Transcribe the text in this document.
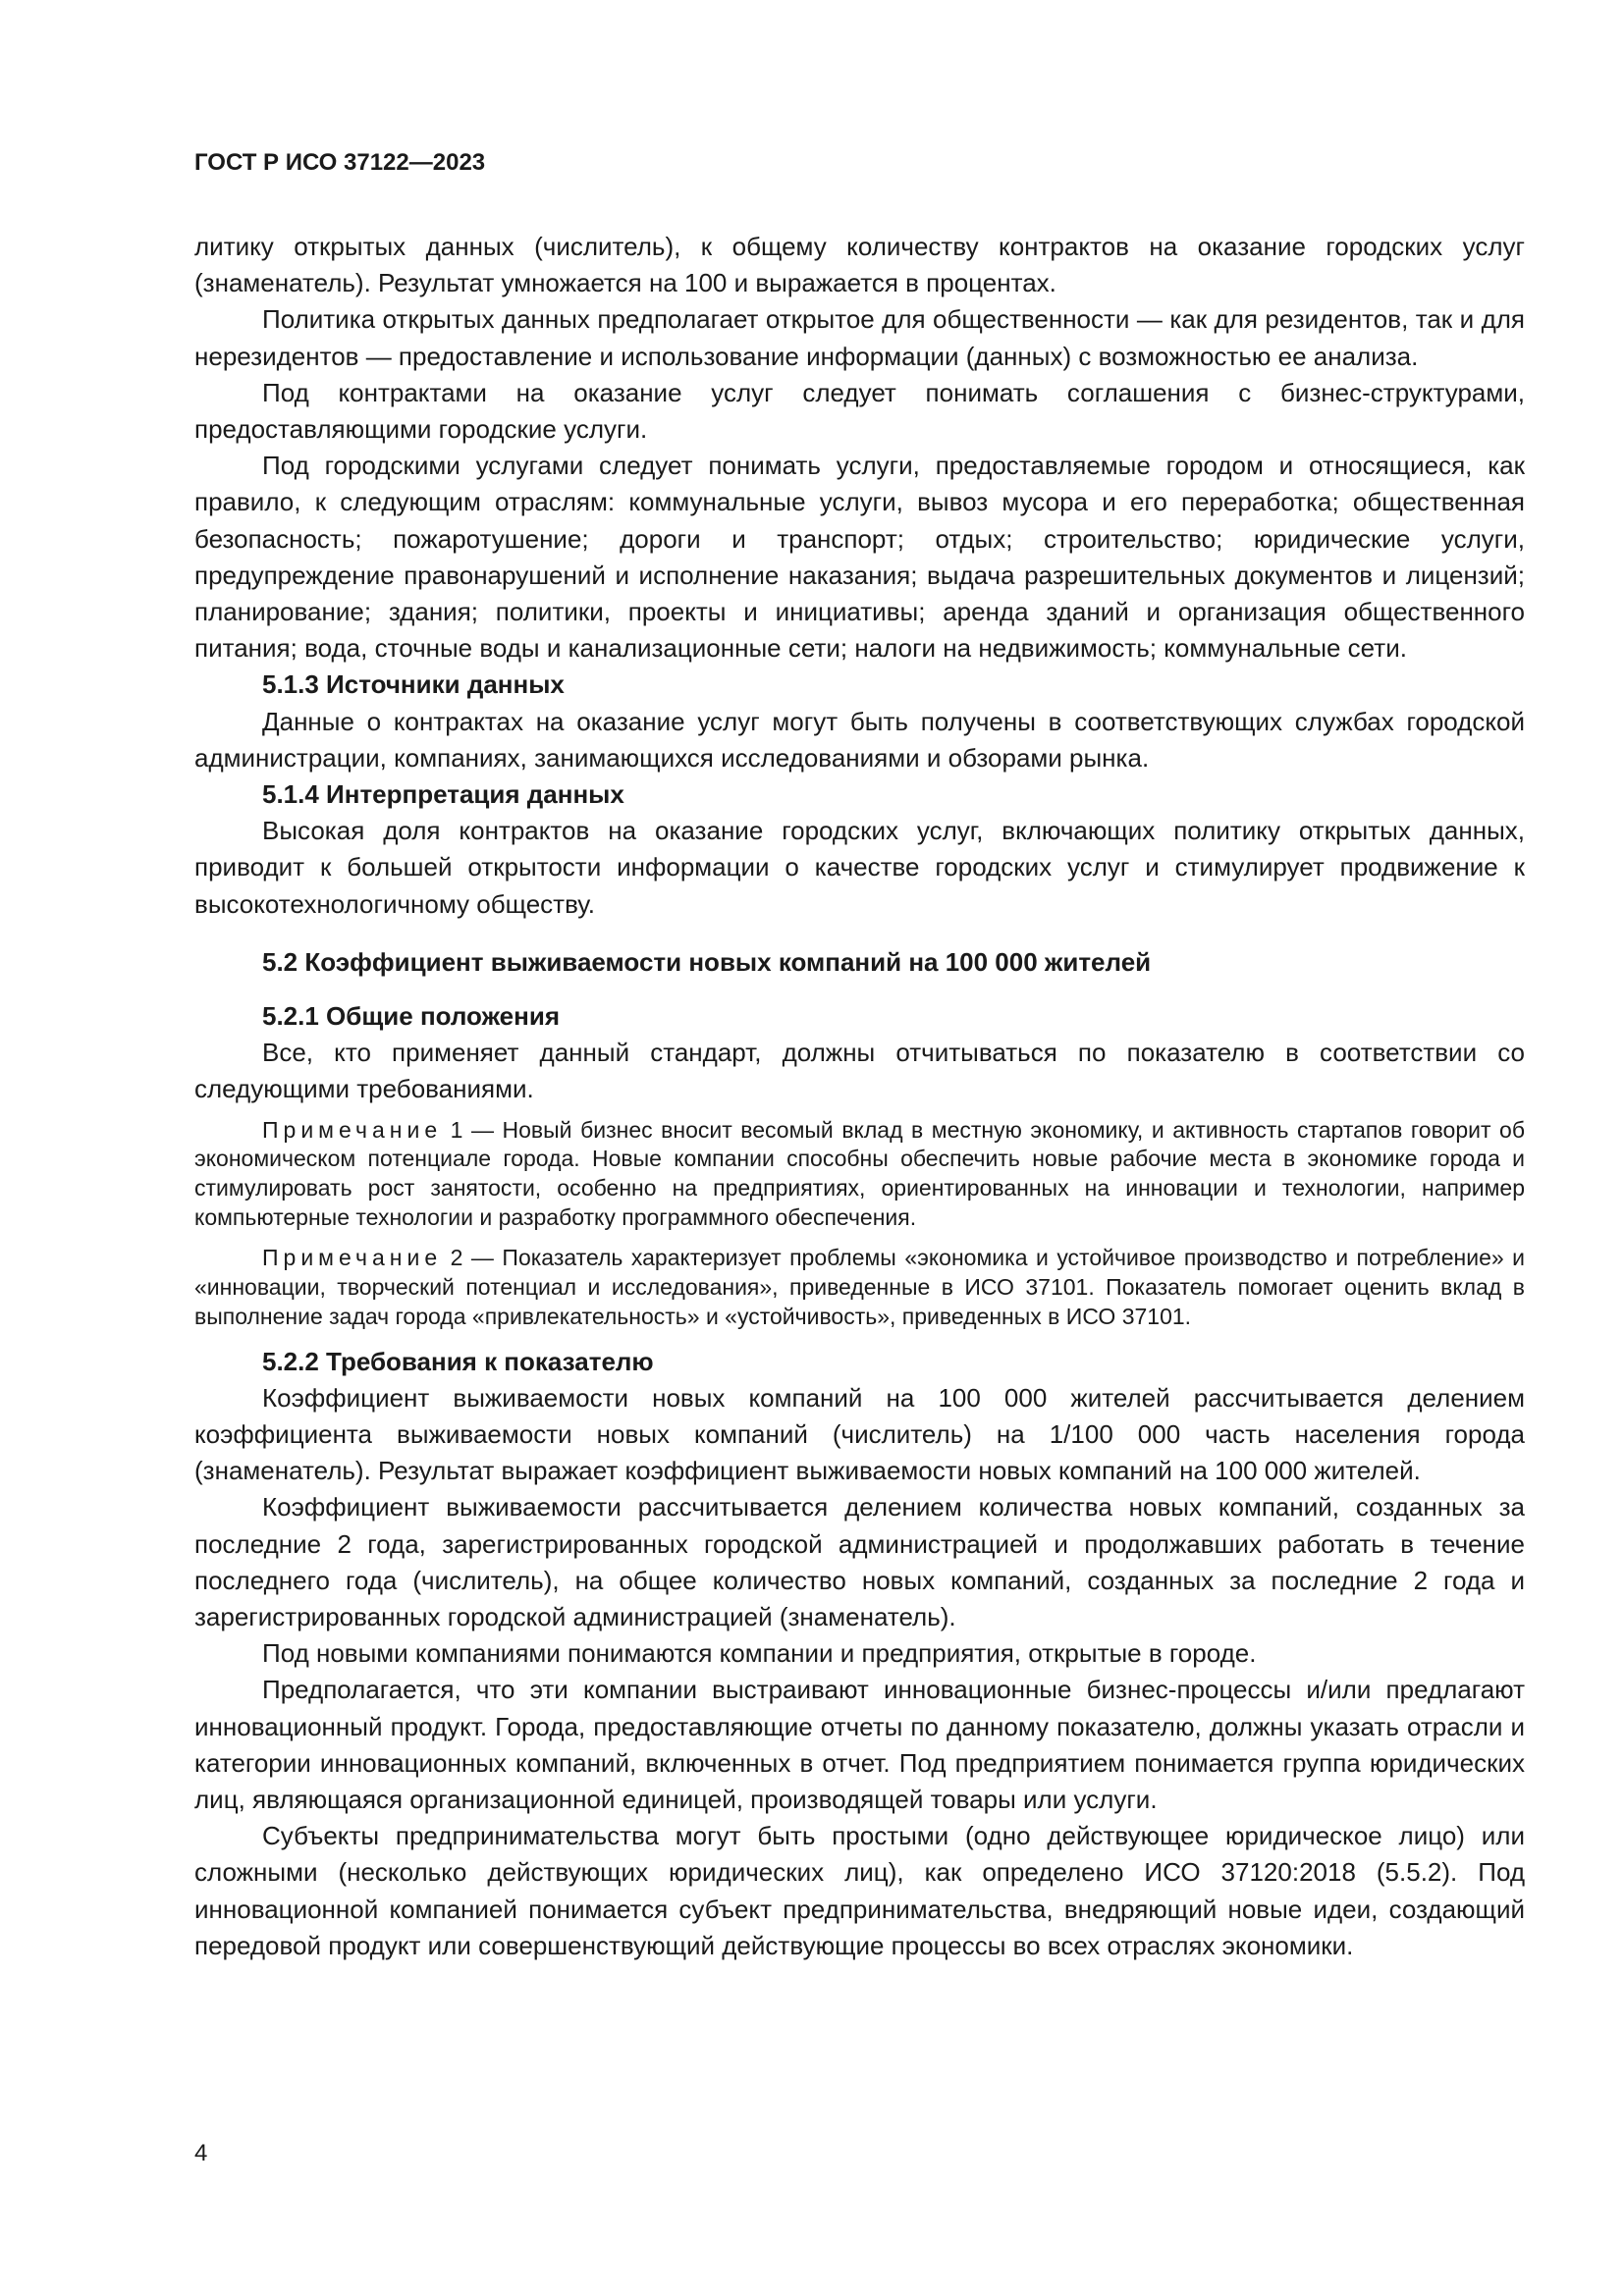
ГОСТ Р ИСО 37122—2023

литику открытых данных (числитель), к общему количеству контрактов на оказание городских услуг (знаменатель). Результат умножается на 100 и выражается в процентах.

Политика открытых данных предполагает открытое для общественности — как для резидентов, так и для нерезидентов — предоставление и использование информации (данных) с возможностью ее анализа.

Под контрактами на оказание услуг следует понимать соглашения с бизнес-структурами, предоставляющими городские услуги.

Под городскими услугами следует понимать услуги, предоставляемые городом и относящиеся, как правило, к следующим отраслям: коммунальные услуги, вывоз мусора и его переработка; общественная безопасность; пожаротушение; дороги и транспорт; отдых; строительство; юридические услуги, предупреждение правонарушений и исполнение наказания; выдача разрешительных документов и лицензий; планирование; здания; политики, проекты и инициативы; аренда зданий и организация общественного питания; вода, сточные воды и канализационные сети; налоги на недвижимость; коммунальные сети.

5.1.3 Источники данных

Данные о контрактах на оказание услуг могут быть получены в соответствующих службах городской администрации, компаниях, занимающихся исследованиями и обзорами рынка.

5.1.4 Интерпретация данных

Высокая доля контрактов на оказание городских услуг, включающих политику открытых данных, приводит к большей открытости информации о качестве городских услуг и стимулирует продвижение к высокотехнологичному обществу.

5.2 Коэффициент выживаемости новых компаний на 100 000 жителей
5.2.1 Общие положения

Все, кто применяет данный стандарт, должны отчитываться по показателю в соответствии со следующими требованиями.

Примечание 1 — Новый бизнес вносит весомый вклад в местную экономику, и активность стартапов говорит об экономическом потенциале города. Новые компании способны обеспечить новые рабочие места в экономике города и стимулировать рост занятости, особенно на предприятиях, ориентированных на инновации и технологии, например компьютерные технологии и разработку программного обеспечения.

Примечание 2 — Показатель характеризует проблемы «экономика и устойчивое производство и потребление» и «инновации, творческий потенциал и исследования», приведенные в ИСО 37101. Показатель помогает оценить вклад в выполнение задач города «привлекательность» и «устойчивость», приведенных в ИСО 37101.

5.2.2 Требования к показателю

Коэффициент выживаемости новых компаний на 100 000 жителей рассчитывается делением коэффициента выживаемости новых компаний (числитель) на 1/100 000 часть населения города (знаменатель). Результат выражает коэффициент выживаемости новых компаний на 100 000 жителей.

Коэффициент выживаемости рассчитывается делением количества новых компаний, созданных за последние 2 года, зарегистрированных городской администрацией и продолжавших работать в течение последнего года (числитель), на общее количество новых компаний, созданных за последние 2 года и зарегистрированных городской администрацией (знаменатель).

Под новыми компаниями понимаются компании и предприятия, открытые в городе.

Предполагается, что эти компании выстраивают инновационные бизнес-процессы и/или предлагают инновационный продукт. Города, предоставляющие отчеты по данному показателю, должны указать отрасли и категории инновационных компаний, включенных в отчет. Под предприятием понимается группа юридических лиц, являющаяся организационной единицей, производящей товары или услуги.

Субъекты предпринимательства могут быть простыми (одно действующее юридическое лицо) или сложными (несколько действующих юридических лиц), как определено ИСО 37120:2018 (5.5.2). Под инновационной компанией понимается субъект предпринимательства, внедряющий новые идеи, создающий передовой продукт или совершенствующий действующие процессы во всех отраслях экономики.

4
